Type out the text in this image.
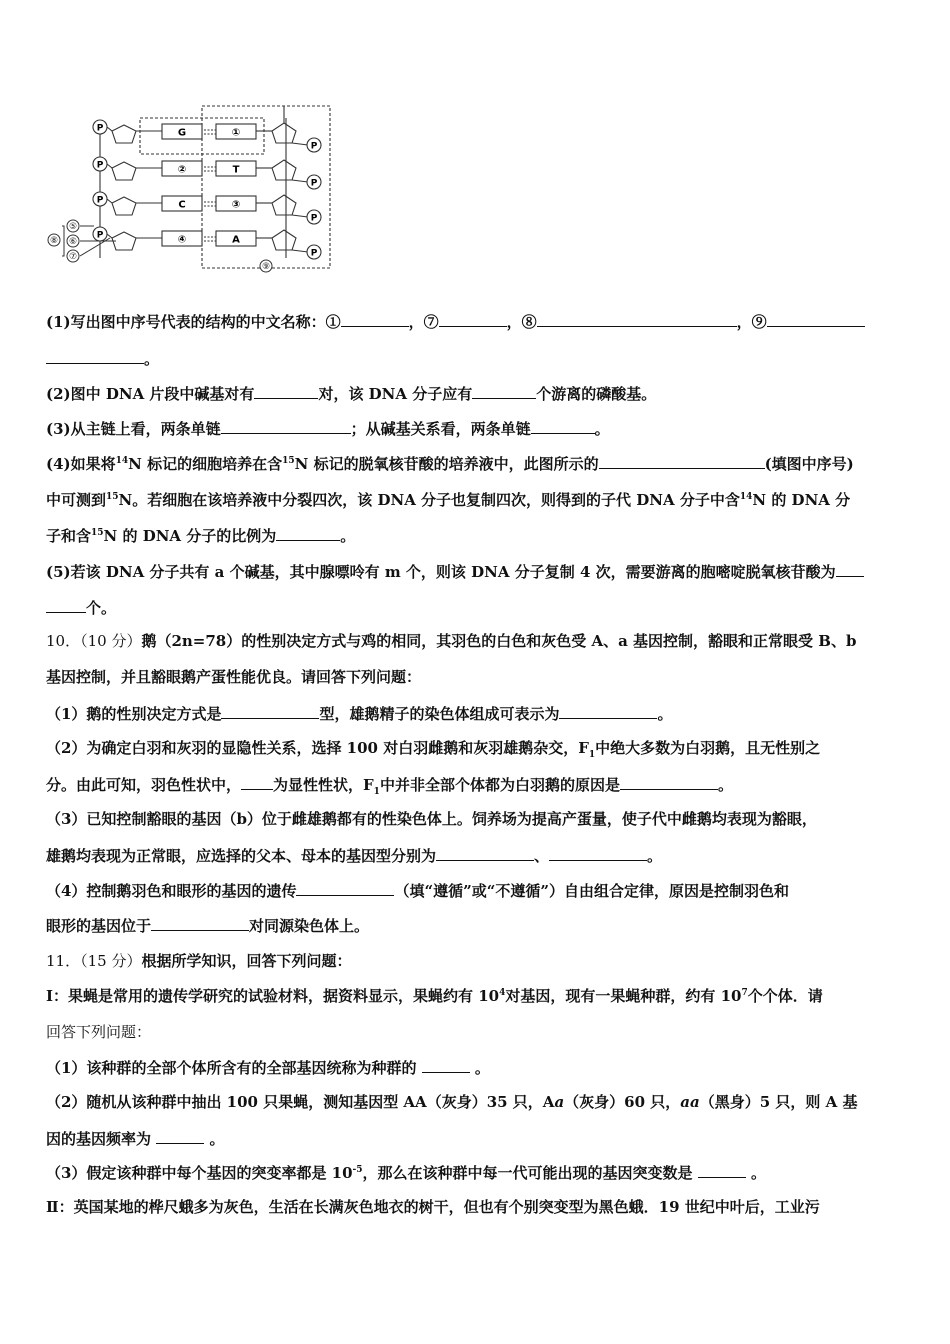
⑤
⑥
⑦
⑧
⑨
P	G	①
P
P	②	T
P
P	C	③
P
P	④	A
P
(1)写出图中序号代表的结构的中文名称：①	，⑦	，⑧	，⑨
。
(2)图中 DNA 片段中碱基对有	对，该 DNA 分子应有	个游离的磷酸基。
(3)从主链上看，两条单链	；从碱基关系看，两条单链	。
(4)如果将$^{14}$N 标记的细胞培养在含$^{15}$N 标记的脱氧核苷酸的培养液中，此图所示的	(填图中序号)
中可测到$^{15}$N。若细胞在该培养液中分裂四次，该 DNA 分子也复制四次，则得到的子代 DNA 分子中含$^{14}$N 的 DNA 分
子和含$^{15}$N 的 DNA 分子的比例为	。
(5)若该 DNA 分子共有 a 个碱基，其中腺嘌呤有 m 个，则该 DNA 分子复制 4 次，需要游离的胞嘧啶脱氧核苷酸为
个。
10．（10 分）鹅（2n=78）的性别决定方式与鸡的相同，其羽色的白色和灰色受 A、a 基因控制，豁眼和正常眼受 B、b
基因控制，并且豁眼鹅产蛋性能优良。请回答下列问题：
（1）鹅的性别决定方式是	型，雄鹅精子的染色体组成可表示为	。
（2）为确定白羽和灰羽的显隐性关系，选择 100 对白羽雌鹅和灰羽雄鹅杂交，$F_1$中绝大多数为白羽鹅，且无性别之
分。由此可知，羽色性状中， 为显性性状，$F_1$中并非全部个体都为白羽鹅的原因是	。
（3）已知控制豁眼的基因（b）位于雌雄鹅都有的性染色体上。饲养场为提高产蛋量，使子代中雌鹅均表现为豁眼，
雄鹅均表现为正常眼，应选择的父本、母本的基因型分别为	、	。
（4）控制鹅羽色和眼形的基因的遗传	（填“遵循”或“不遵循”）自由组合定律，原因是控制羽色和
眼形的基因位于	对同源染色体上。
11．（15 分）根据所学知识，回答下列问题：
Ⅰ：果蝇是常用的遗传学研究的试验材料，据资料显示，果蝇约有 $10^4$对基因，现有一果蝇种群，约有 $10^7$个个体．请
回答下列问题：
（1）该种群的全部个体所含有的全部基因统称为种群的	。
（2）随机从该种群中抽出 100 只果蝇，测知基因型 AA（灰身）35 只，Aa（灰身）60 只，aa（黑身）5 只，则 A 基
因的基因频率为	。
（3）假定该种群中每个基因的突变率都是 $10^{-5}$，那么在该种群中每一代可能出现的基因突变数是	。
Ⅱ：英国某地的桦尺蛾多为灰色，生活在长满灰色地衣的树干，但也有个别突变型为黑色蛾．19 世纪中叶后，工业污
